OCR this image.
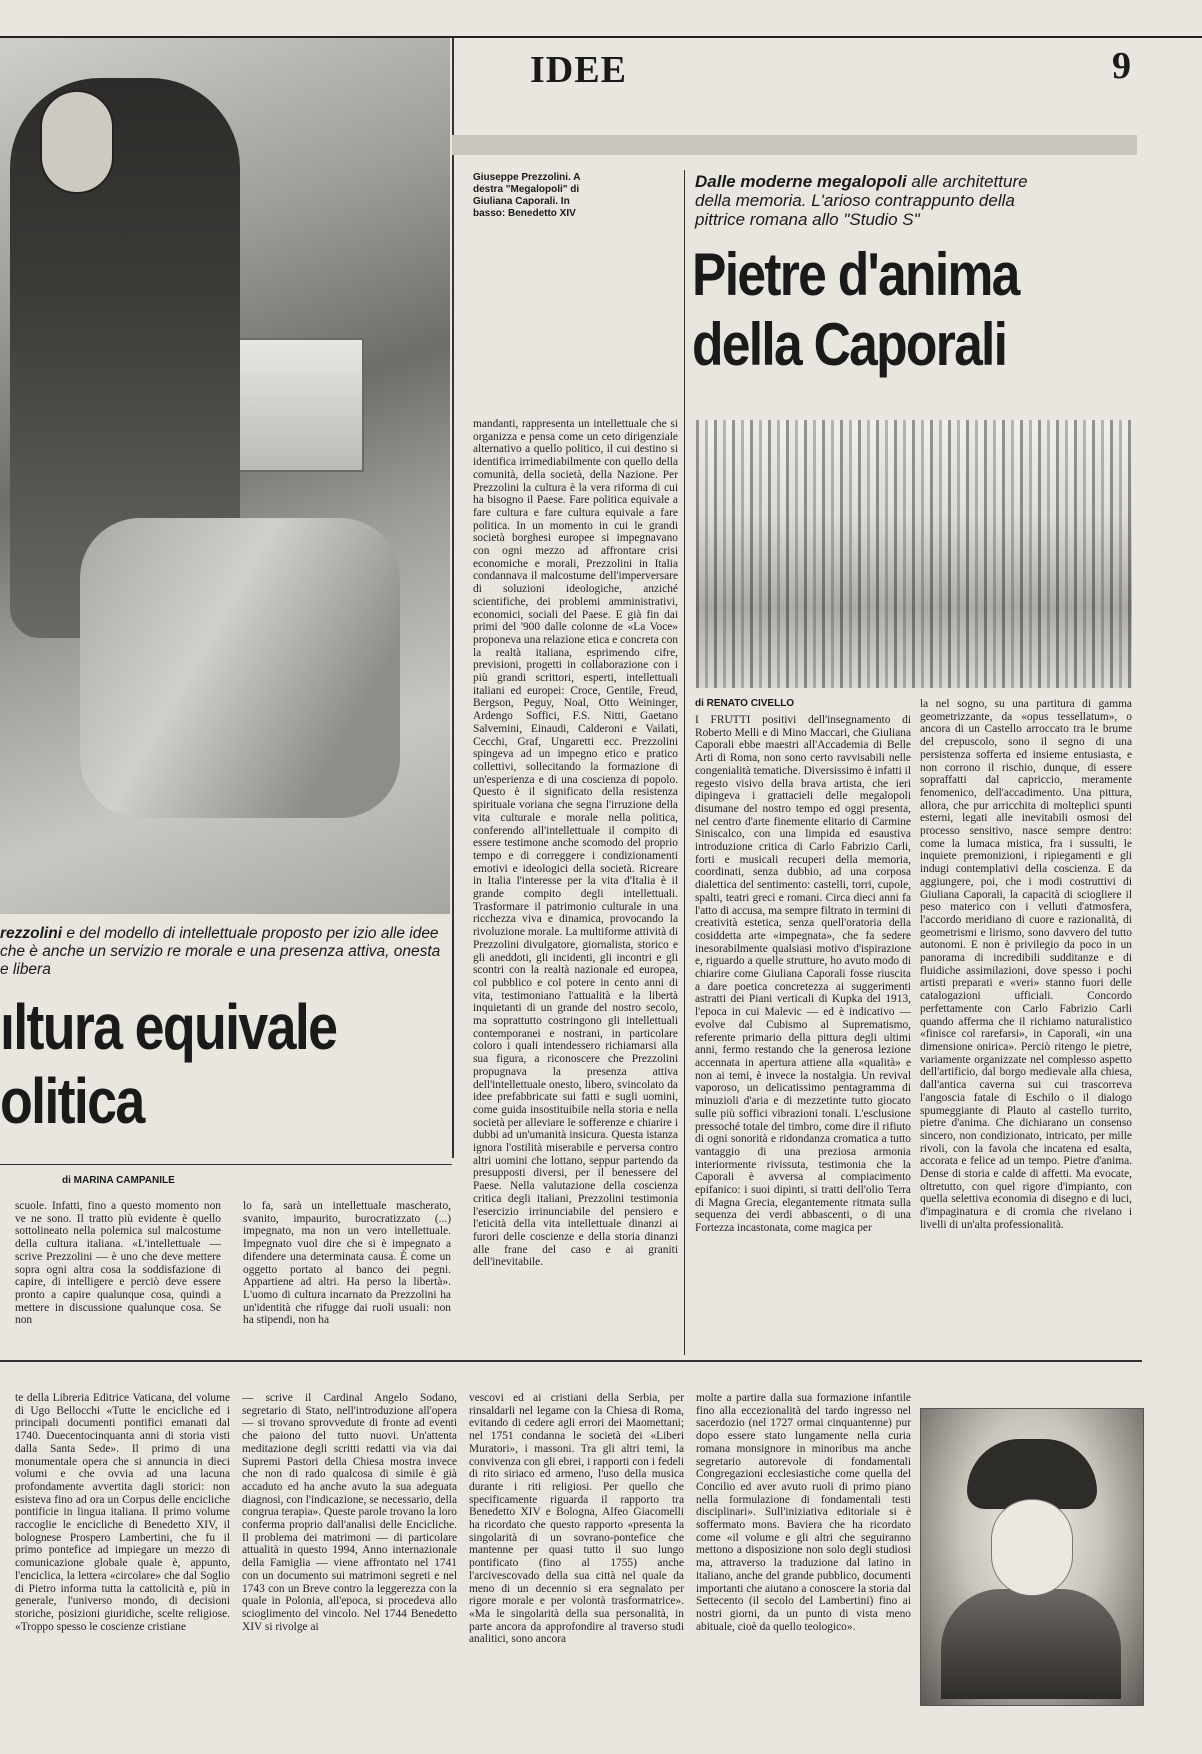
IDEE	9
Giuseppe Prezzolini. A destra "Megalopoli" di Giuliana Caporali. In basso: Benedetto XIV
Dalle moderne megalopoli alle architetture della memoria. L'arioso contrappunto della pittrice romana allo "Studio S"
Pietre d'anima della Caporali
di RENATO CIVELLO
I FRUTTI positivi dell'insegnamento di Roberto Melli e di Mino Maccari, che Giuliana Caporali ebbe maestri all'Accademia di Belle Arti di Roma, non sono certo ravvisabili nelle congenialità tematiche. Diversissimo è infatti il regesto visivo della brava artista, che ieri dipingeva i grattacieli delle megalopoli disumane del nostro tempo ed oggi presenta, nel centro d'arte finemente elitario di Carmine Siniscalco, con una limpida ed esaustiva introduzione critica di Carlo Fabrizio Carli, forti e musicali recuperi della memoria, coordinati, senza dubbio, ad una corposa dialettica del sentimento: castelli, torri, cupole, spalti, teatri greci e romani. Circa dieci anni fa l'atto di accusa, ma sempre filtrato in termini di creatività estetica, senza quell'oratoria della cosiddetta arte «impegnata», che fa sedere inesorabilmente qualsiasi motivo d'ispirazione e, riguardo a quelle strutture, ho avuto modo di chiarire come Giuliana Caporali fosse riuscita a dare poetica concretezza ai suggerimenti astratti dei Piani verticali di Kupka del 1913, l'epoca in cui Malevic — ed è indicativo — evolve dal Cubismo al Suprematismo, referente primario della pittura degli ultimi anni, fermo restando che la generosa lezione accennata in apertura attiene alla «qualità» e non ai temi, è invece la nostalgia. Un revival vaporoso, un delicatissimo pentagramma di minuzioli d'aria e di mezzetinte tutto giocato sulle più soffici vibrazioni tonali. L'esclusione pressoché totale del timbro, come dire il rifiuto di ogni sonorità e ridondanza cromatica a tutto vantaggio di una preziosa armonia interiormente rivissuta, testimonia che la Caporali è avversa al compiacimento epifanico: i suoi dipinti, si tratti dell'olio Terra di Magna Grecia, elegantemente ritmata sulla sequenza dei verdi abbascenti, o di una Fortezza incastonata, come magica per
la nel sogno, su una partitura di gamma geometrizzante, da «opus tessellatum», o ancora di un Castello arroccato tra le brume del crepuscolo, sono il segno di una persistenza sofferta ed insieme entusiasta, e non corrono il rischio, dunque, di essere sopraffatti dal capriccio, meramente fenomenico, dell'accadimento. Una pittura, allora, che pur arricchita di molteplici spunti esterni, legati alle inevitabili osmosi del processo sensitivo, nasce sempre dentro: come la lumaca mistica, fra i sussulti, le inquiete premonizioni, i ripiegamenti e gli indugi contemplativi della coscienza. E da aggiungere, poi, che i modi costruttivi di Giuliana Caporali, la capacità di sciogliere il peso materico con i velluti d'atmosfera, l'accordo meridiano di cuore e razionalità, di geometrismi e lirismo, sono davvero del tutto autonomi. E non è privilegio da poco in un panorama di incredibili sudditanze e di fluidiche assimilazioni, dove spesso i pochi artisti preparati e «veri» stanno fuori delle catalogazioni ufficiali. Concordo perfettamente con Carlo Fabrizio Carli quando afferma che il richiamo naturalistico «finisce col rarefarsi», in Caporali, «in una dimensione onirica». Perciò ritengo le pietre, variamente organizzate nel complesso aspetto dell'artificio, dal borgo medievale alla chiesa, dall'antica caverna sui cui trascorreva l'angoscia fatale di Eschilo o il dialogo spumeggiante di Plauto al castello turrito, pietre d'anima. Che dichiarano un consenso sincero, non condizionato, intricato, per mille rivoli, con la favola che incatena ed esalta, accorata e felice ad un tempo. Pietre d'anima. Dense di storia e calde di affetti. Ma evocate, oltretutto, con quel rigore d'impianto, con quella selettiva economia di disegno e di luci, d'impaginatura e di cromia che rivelano i livelli di un'alta professionalità.
mandanti, rappresenta un intellettuale che si organizza e pensa come un ceto dirigenziale alternativo a quello politico, il cui destino si identifica irrimediabilmente con quello della comunità, della società, della Nazione. Per Prezzolini la cultura è la vera riforma di cui ha bisogno il Paese. Fare politica equivale a fare cultura e fare cultura equivale a fare politica. In un momento in cui le grandi società borghesi europee si impegnavano con ogni mezzo ad affrontare crisi economiche e morali, Prezzolini in Italia condannava il malcostume dell'imperversare di soluzioni ideologiche, anziché scientifiche, dei problemi amministrativi, economici, sociali del Paese. E già fin dai primi del '900 dalle colonne de «La Voce» proponeva una relazione etica e concreta con la realtà italiana, esprimendo cifre, previsioni, progetti in collaborazione con i più grandi scrittori, esperti, intellettuali italiani ed europei: Croce, Gentile, Freud, Bergson, Peguy, Noal, Otto Weininger, Ardengo Soffici, F.S. Nitti, Gaetano Salvemini, Einaudi, Calderoni e Vailati, Cecchi, Graf, Ungaretti ecc. Prezzolini spingeva ad un impegno etico e pratico collettivi, sollecitando la formazione di un'esperienza e di una coscienza di popolo. Questo è il significato della resistenza spirituale voriana che segna l'irruzione della vita culturale e morale nella politica, conferendo all'intellettuale il compito di essere testimone anche scomodo del proprio tempo e di correggere i condizionamenti emotivi e ideologici della società. Ricreare in Italia l'interesse per la vita d'Italia è il grande compito degli intellettuali. Trasformare il patrimonio culturale in una ricchezza viva e dinamica, provocando la rivoluzione morale. La multiforme attività di Prezzolini divulgatore, giornalista, storico e gli aneddoti, gli incidenti, gli incontri e gli scontri con la realtà nazionale ed europea, col pubblico e col potere in cento anni di vita, testimoniano l'attualità e la libertà inquietanti di un grande del nostro secolo, ma soprattutto costringono gli intellettuali contemporanei e nostrani, in particolare coloro i quali intendessero richiamarsi alla sua figura, a riconoscere che Prezzolini propugnava la presenza attiva dell'intellettuale onesto, libero, svincolato da idee prefabbricate sui fatti e sugli uomini, come guida insostituibile nella storia e nella società per alleviare le sofferenze e chiarire i dubbi ad un'umanità insicura. Questa istanza ignora l'ostilità miserabile e perversa contro altri uomini che lottano, seppur partendo da presupposti diversi, per il benessere del Paese. Nella valutazione della coscienza critica degli italiani, Prezzolini testimonia l'esercizio irrinunciabile del pensiero e l'eticità della vita intellettuale dinanzi ai furori delle coscienze e della storia dinanzi alle frane del caso e ai graniti dell'inevitabile.
rezzolini e del modello di intellettuale proposto per izio alle idee che è anche un servizio re morale e una presenza attiva, onesta e libera
ıltura equivale
olitica
di MARINA CAMPANILE
scuole. Infatti, fino a questo momento non ve ne sono. Il tratto più evidente è quello sottolineato nella polemica sul malcostume della cultura italiana. «L'intellettuale — scrive Prezzolini — è uno che deve mettere sopra ogni altra cosa la soddisfazione di capire, di intelligere e perciò deve essere pronto a capire qualunque cosa, quindi a mettere in discussione qualunque cosa. Se non
lo fa, sarà un intellettuale mascherato, svanito, impaurito, burocratizzato (...) impegnato, ma non un vero intellettuale. Impegnato vuol dire che si è impegnato a difendere una determinata causa. È come un oggetto portato al banco dei pegni. Appartiene ad altri. Ha perso la libertà». L'uomo di cultura incarnato da Prezzolini ha un'identità che rifugge dai ruoli usuali: non ha stipendi, non ha
te della Libreria Editrice Vaticana, del volume di Ugo Bellocchi «Tutte le encicliche ed i principali documenti pontifici emanati dal 1740. Duecentocinquanta anni di storia visti dalla Santa Sede». Il primo di una monumentale opera che si annuncia in dieci volumi e che ovvia ad una lacuna profondamente avvertita dagli storici: non esisteva fino ad ora un Corpus delle encicliche pontificie in lingua italiana. Il primo volume raccoglie le encicliche di Benedetto XIV, il bolognese Prospero Lambertini, che fu il primo pontefice ad impiegare un mezzo di comunicazione globale quale è, appunto, l'enciclica, la lettera «circolare» che dal Soglio di Pietro informa tutta la cattolicità e, più in generale, l'universo mondo, di decisioni storiche, posizioni giuridiche, scelte religiose. «Troppo spesso le coscienze cristiane
— scrive il Cardinal Angelo Sodano, segretario di Stato, nell'introduzione all'opera — si trovano sprovvedute di fronte ad eventi che paiono del tutto nuovi. Un'attenta meditazione degli scritti redatti via via dai Supremi Pastori della Chiesa mostra invece che non di rado qualcosa di simile è già accaduto ed ha anche avuto la sua adeguata diagnosi, con l'indicazione, se necessario, della congrua terapia». Queste parole trovano la loro conferma proprio dall'analisi delle Encicliche. Il problema dei matrimoni — di particolare attualità in questo 1994, Anno internazionale della Famiglia — viene affrontato nel 1741 con un documento sui matrimoni segreti e nel 1743 con un Breve contro la leggerezza con la quale in Polonia, all'epoca, si procedeva allo scioglimento del vincolo. Nel 1744 Benedetto XIV si rivolge ai
vescovi ed ai cristiani della Serbia, per rinsaldarli nel legame con la Chiesa di Roma, evitando di cedere agli errori dei Maomettani; nel 1751 condanna le società dei «Liberi Muratori», i massoni. Tra gli altri temi, la convivenza con gli ebrei, i rapporti con i fedeli di rito siriaco ed armeno, l'uso della musica durante i riti religiosi. Per quello che specificamente riguarda il rapporto tra Benedetto XIV e Bologna, Alfeo Giacomelli ha ricordato che questo rapporto «presenta la singolarità di un sovrano-pontefice che mantenne per quasi tutto il suo lungo pontificato (fino al 1755) anche l'arcivescovado della sua città nel quale da meno di un decennio si era segnalato per rigore morale e per volontà trasformatrice». «Ma le singolarità della sua personalità, in parte ancora da approfondire al traverso studi analitici, sono ancora
molte a partire dalla sua formazione infantile fino alla eccezionalità del tardo ingresso nel sacerdozio (nel 1727 ormai cinquantenne) pur dopo essere stato lungamente nella curia romana monsignore in minoribus ma anche segretario autorevole di fondamentali Congregazioni ecclesiastiche come quella del Concilio ed aver avuto ruoli di primo piano nella formulazione di fondamentali testi disciplinari». Sull'iniziativa editoriale si è soffermato mons. Baviera che ha ricordato come «il volume e gli altri che seguiranno mettono a disposizione non solo degli studiosi ma, attraverso la traduzione dal latino in italiano, anche del grande pubblico, documenti importanti che aiutano a conoscere la storia dal Settecento (il secolo del Lambertini) fino ai nostri giorni, da un punto di vista meno abituale, cioè da quello teologico».
